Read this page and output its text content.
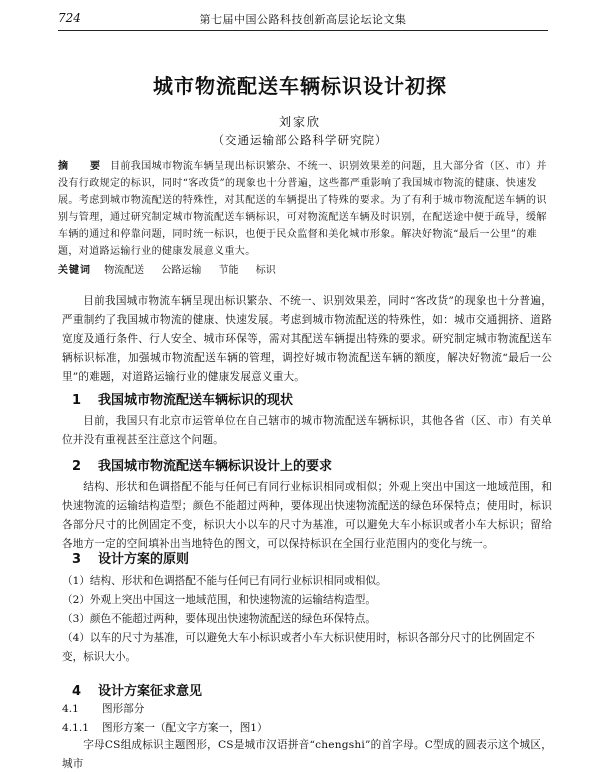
724	第七届中国公路科技创新高层论坛论文集
城市物流配送车辆标识设计初探
刘家欣
（交通运输部公路科学研究院）
摘　要 目前我国城市物流车辆呈现出标识繁杂、不统一、识别效果差的问题，且大部分省（区、市）并没有行政规定的标识，同时“客改货”的现象也十分普遍，这些都严重影响了我国城市物流的健康、快速发展。考虑到城市物流配送的特殊性，对其配送的车辆提出了特殊的要求。为了有利于城市物流配送车辆的识别与管理，通过研究制定城市物流配送车辆标识，可对物流配送车辆及时识别，在配送途中便于疏导，缓解车辆的通过和停靠问题，同时统一标识，也便于民众监督和美化城市形象。解决好物流“最后一公里”的难题，对道路运输行业的健康发展意义重大。
关键词 物流配送 公路运输 节能 标识
目前我国城市物流车辆呈现出标识繁杂、不统一、识别效果差，同时“客改货”的现象也十分普遍，严重制约了我国城市物流的健康、快速发展。考虑到城市物流配送的特殊性，如：城市交通拥挤、道路宽度及通行条件、行人安全、城市环保等，需对其配送车辆提出特殊的要求。研究制定城市物流配送车辆标识标准，加强城市物流配送车辆的管理，调控好城市物流配送车辆的额度，解决好物流“最后一公里”的难题，对道路运输行业的健康发展意义重大。
1 我国城市物流配送车辆标识的现状
目前，我国只有北京市运管单位在自己辖市的城市物流配送车辆标识，其他各省（区、市）有关单位并没有重视甚至注意这个问题。
2 我国城市物流配送车辆标识设计上的要求
结构、形状和色调搭配不能与任何已有同行业标识相同或相似；外观上突出中国这一地域范围，和快速物流的运输结构造型；颜色不能超过两种，要体现出快速物流配送的绿色环保特点；使用时，标识各部分尺寸的比例固定不变，标识大小以车的尺寸为基准，可以避免大车小标识或者小车大标识；留给各地方一定的空间填补出当地特色的图文，可以保持标识在全国行业范围内的变化与统一。
3 设计方案的原则
（1）结构、形状和色调搭配不能与任何已有同行业标识相同或相似。
（2）外观上突出中国这一地域范围，和快速物流的运输结构造型。
（3）颜色不能超过两种，要体现出快速物流配送的绿色环保特点。
（4）以车的尺寸为基准，可以避免大车小标识或者小车大标识使用时，标识各部分尺寸的比例固定不变，标识大小。
4 设计方案征求意见
4.1 图形部分
4.1.1 图形方案一（配文字方案一，图1）
字母CS组成标识主题图形，CS是城市汉语拼音“chengshi”的首字母。C型成的圆表示这个城区，城市
